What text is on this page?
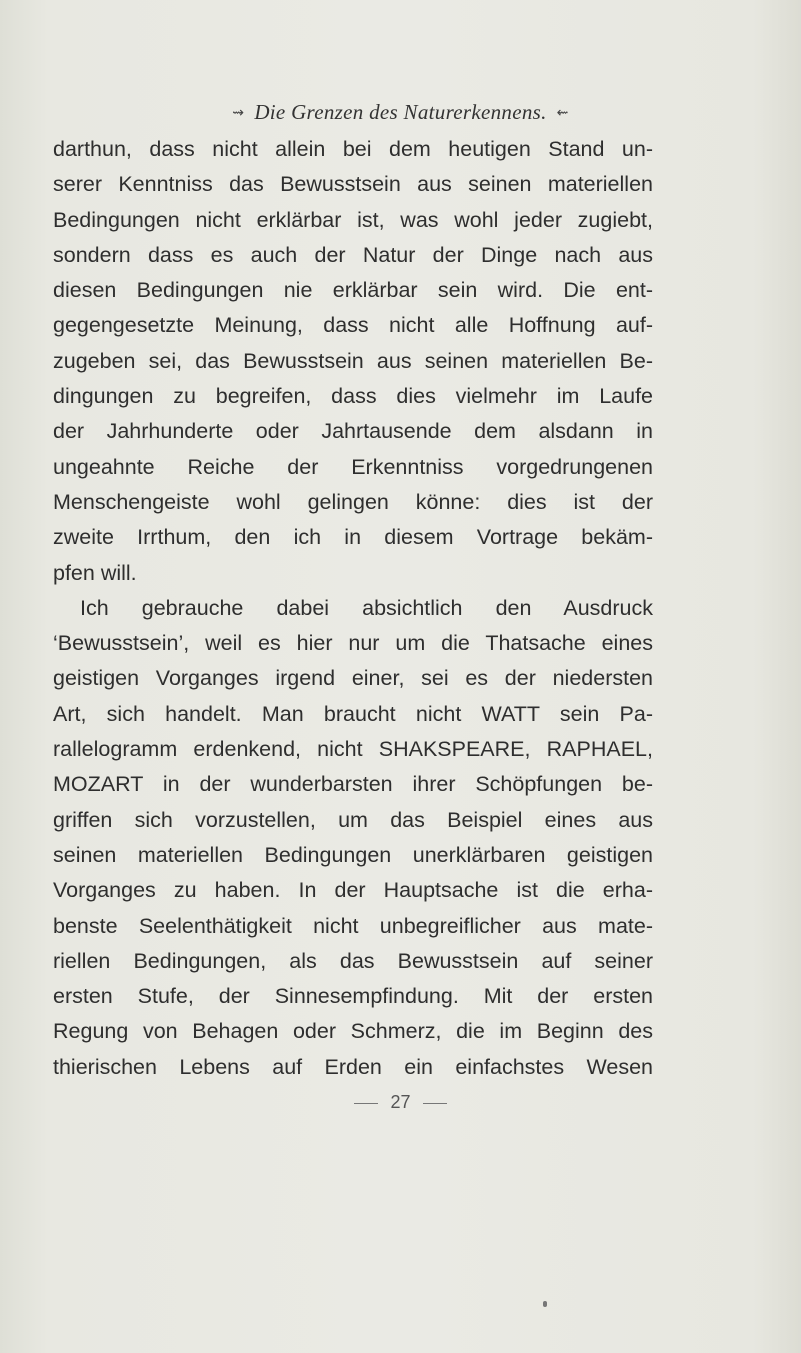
⇝ Die Grenzen des Naturerkennens. ⇜
darthun, dass nicht allein bei dem heutigen Stand un-
serer Kenntniss das Bewusstsein aus seinen materiellen
Bedingungen nicht erklärbar ist, was wohl jeder zugiebt,
sondern dass es auch der Natur der Dinge nach aus
diesen Bedingungen nie erklärbar sein wird. Die ent-
gegengesetzte Meinung, dass nicht alle Hoffnung auf-
zugeben sei, das Bewusstsein aus seinen materiellen Be-
dingungen zu begreifen, dass dies vielmehr im Laufe
der Jahrhunderte oder Jahrtausende dem alsdann in
ungeahnte Reiche der Erkenntniss vorgedrungenen
Menschengeiste wohl gelingen könne: dies ist der
zweite Irrthum, den ich in diesem Vortrage bekäm-
pfen will.
Ich gebrauche dabei absichtlich den Ausdruck
‘Bewusstsein’, weil es hier nur um die Thatsache eines
geistigen Vorganges irgend einer, sei es der niedersten
Art, sich handelt. Man braucht nicht WATT sein Pa-
rallelogramm erdenkend, nicht SHAKSPEARE, RAPHAEL,
MOZART in der wunderbarsten ihrer Schöpfungen be-
griffen sich vorzustellen, um das Beispiel eines aus
seinen materiellen Bedingungen unerklärbaren geistigen
Vorganges zu haben. In der Hauptsache ist die erha-
benste Seelenthätigkeit nicht unbegreiflicher aus mate-
riellen Bedingungen, als das Bewusstsein auf seiner
ersten Stufe, der Sinnesempfindung. Mit der ersten
Regung von Behagen oder Schmerz, die im Beginn des
thierischen Lebens auf Erden ein einfachstes Wesen
27
